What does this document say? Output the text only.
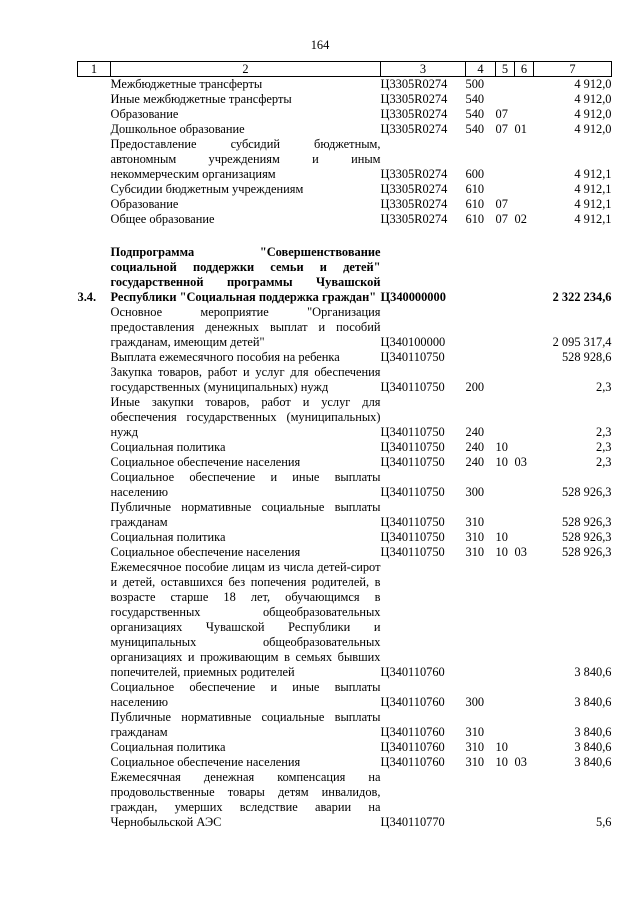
164
1	2	3	4	5	6	7
	Межбюджетные трансферты	Ц3305R0274	500			4 912,0
	Иные межбюджетные трансферты	Ц3305R0274	540			4 912,0
	Образование	Ц3305R0274	540	07		4 912,0
	Дошкольное образование	Ц3305R0274	540	07	01	4 912,0
	Предоставление субсидий бюджетным, автономным учреждениям и иным некоммерческим организациям	Ц3305R0274	600			4 912,1
	Субсидии бюджетным учреждениям	Ц3305R0274	610			4 912,1
	Образование	Ц3305R0274	610	07		4 912,1
	Общее образование	Ц3305R0274	610	07	02	4 912,1

3.4.	Подпрограмма "Совершенствование социальной поддержки семьи и детей" государственной программы Чувашской Республики "Социальная поддержка граждан"	Ц340000000				2 322 234,6
	Основное мероприятие "Организация предоставления денежных выплат и пособий гражданам, имеющим детей"	Ц340100000				2 095 317,4
	Выплата ежемесячного пособия на ребенка	Ц340110750				528 928,6
	Закупка товаров, работ и услуг для обеспечения государственных (муниципальных) нужд	Ц340110750	200			2,3
	Иные закупки товаров, работ и услуг для обеспечения государственных (муниципальных) нужд	Ц340110750	240			2,3
	Социальная политика	Ц340110750	240	10		2,3
	Социальное обеспечение населения	Ц340110750	240	10	03	2,3
	Социальное обеспечение и иные выплаты населению	Ц340110750	300			528 926,3
	Публичные нормативные социальные выплаты гражданам	Ц340110750	310			528 926,3
	Социальная политика	Ц340110750	310	10		528 926,3
	Социальное обеспечение населения	Ц340110750	310	10	03	528 926,3
	Ежемесячное пособие лицам из числа детей-сирот и детей, оставшихся без попечения родителей, в возрасте старше 18 лет, обучающимся в государственных общеобразовательных организациях Чувашской Республики и муниципальных общеобразовательных организациях и проживающим в семьях бывших попечителей, приемных родителей	Ц340110760				3 840,6
	Социальное обеспечение и иные выплаты населению	Ц340110760	300			3 840,6
	Публичные нормативные социальные выплаты гражданам	Ц340110760	310			3 840,6
	Социальная политика	Ц340110760	310	10		3 840,6
	Социальное обеспечение населения	Ц340110760	310	10	03	3 840,6
	Ежемесячная денежная компенсация на продовольственные товары детям инвалидов, граждан, умерших вследствие аварии на Чернобыльской АЭС	Ц340110770				5,6
